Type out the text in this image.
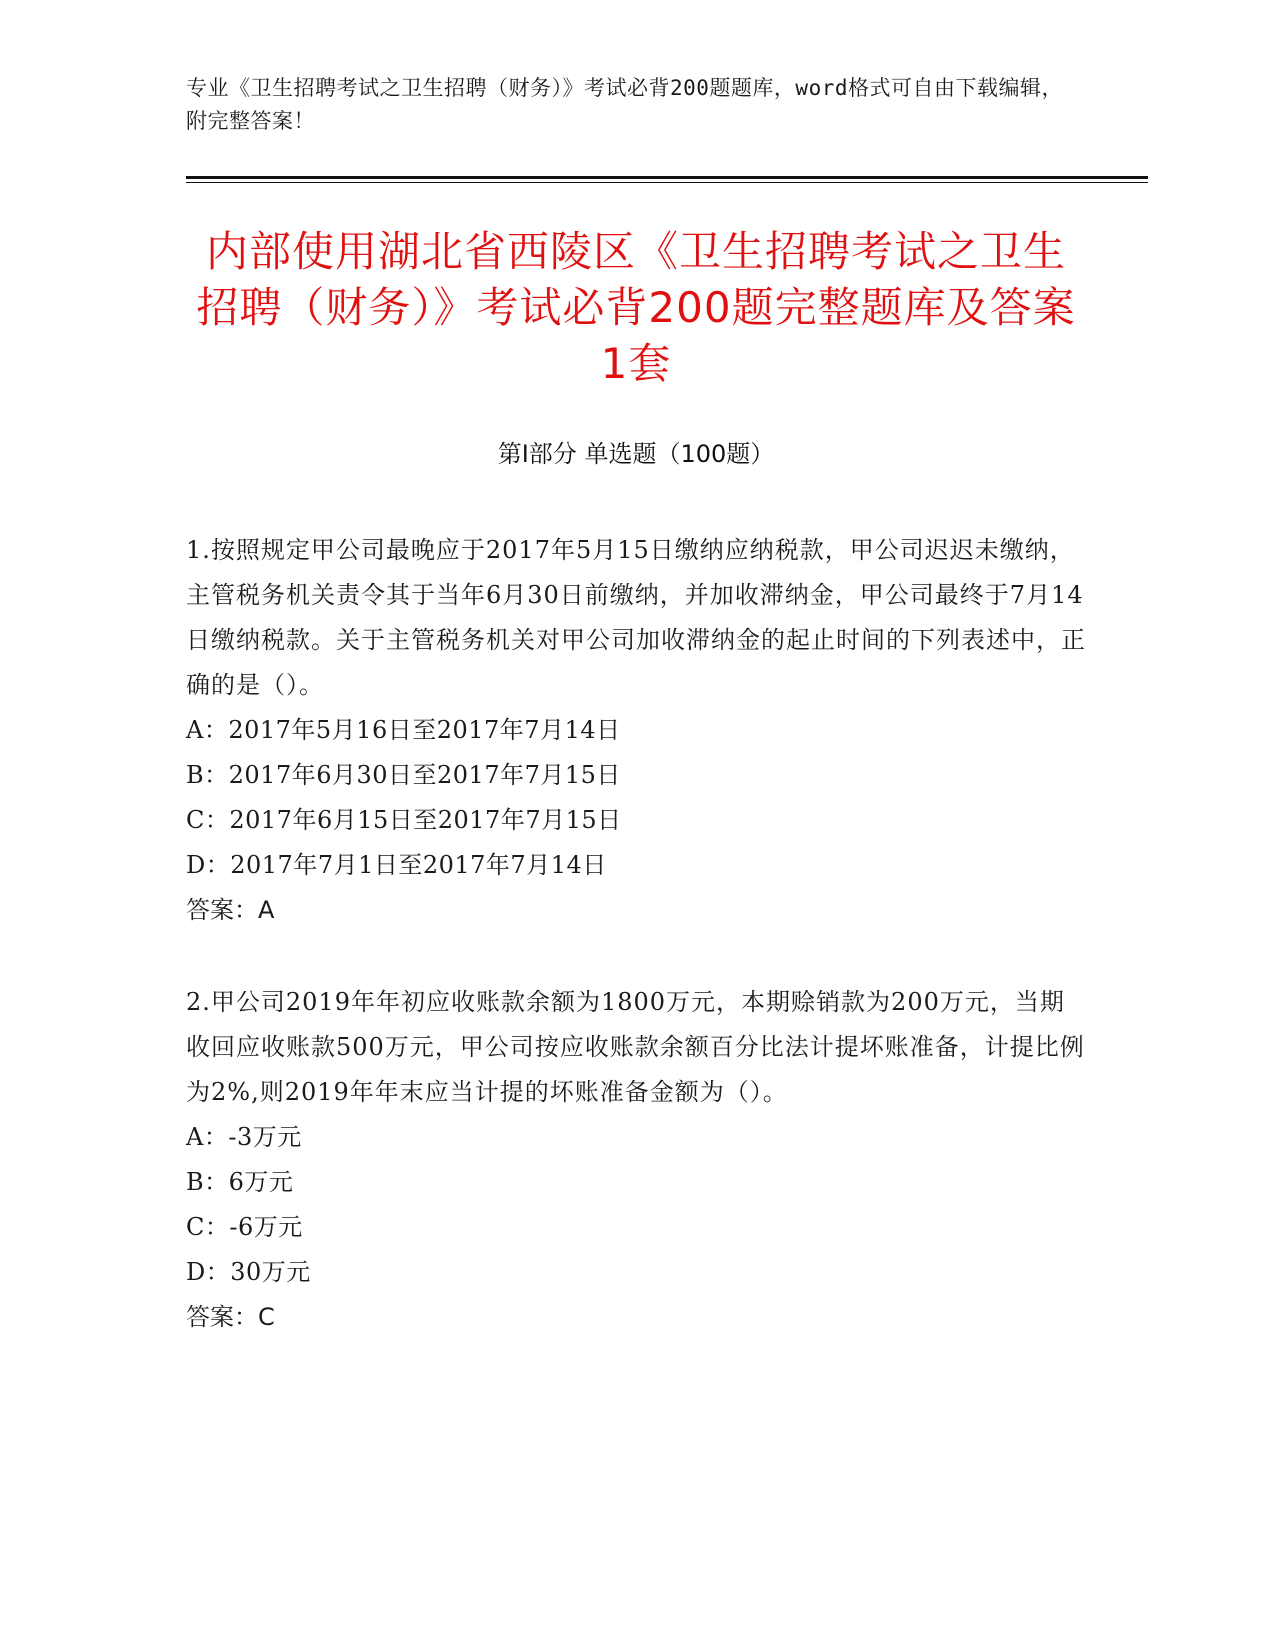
专业《卫生招聘考试之卫生招聘（财务）》考试必背200题题库，word格式可自由下载编辑，附完整答案！
内部使用湖北省西陵区《卫生招聘考试之卫生招聘（财务）》考试必背200题完整题库及答案1套
第I部分 单选题（100题）
1.按照规定甲公司最晚应于2017年5月15日缴纳应纳税款，甲公司迟迟未缴纳，主管税务机关责令其于当年6月30日前缴纳，并加收滞纳金，甲公司最终于7月14日缴纳税款。关于主管税务机关对甲公司加收滞纳金的起止时间的下列表述中，正确的是（）。
A：2017年5月16日至2017年7月14日
B：2017年6月30日至2017年7月15日
C：2017年6月15日至2017年7月15日
D：2017年7月1日至2017年7月14日
答案：A
2.甲公司2019年年初应收账款余额为1800万元，本期赊销款为200万元，当期收回应收账款500万元，甲公司按应收账款余额百分比法计提坏账准备，计提比例为2%,则2019年年末应当计提的坏账准备金额为（）。
A：-3万元
B：6万元
C：-6万元
D：30万元
答案：C
